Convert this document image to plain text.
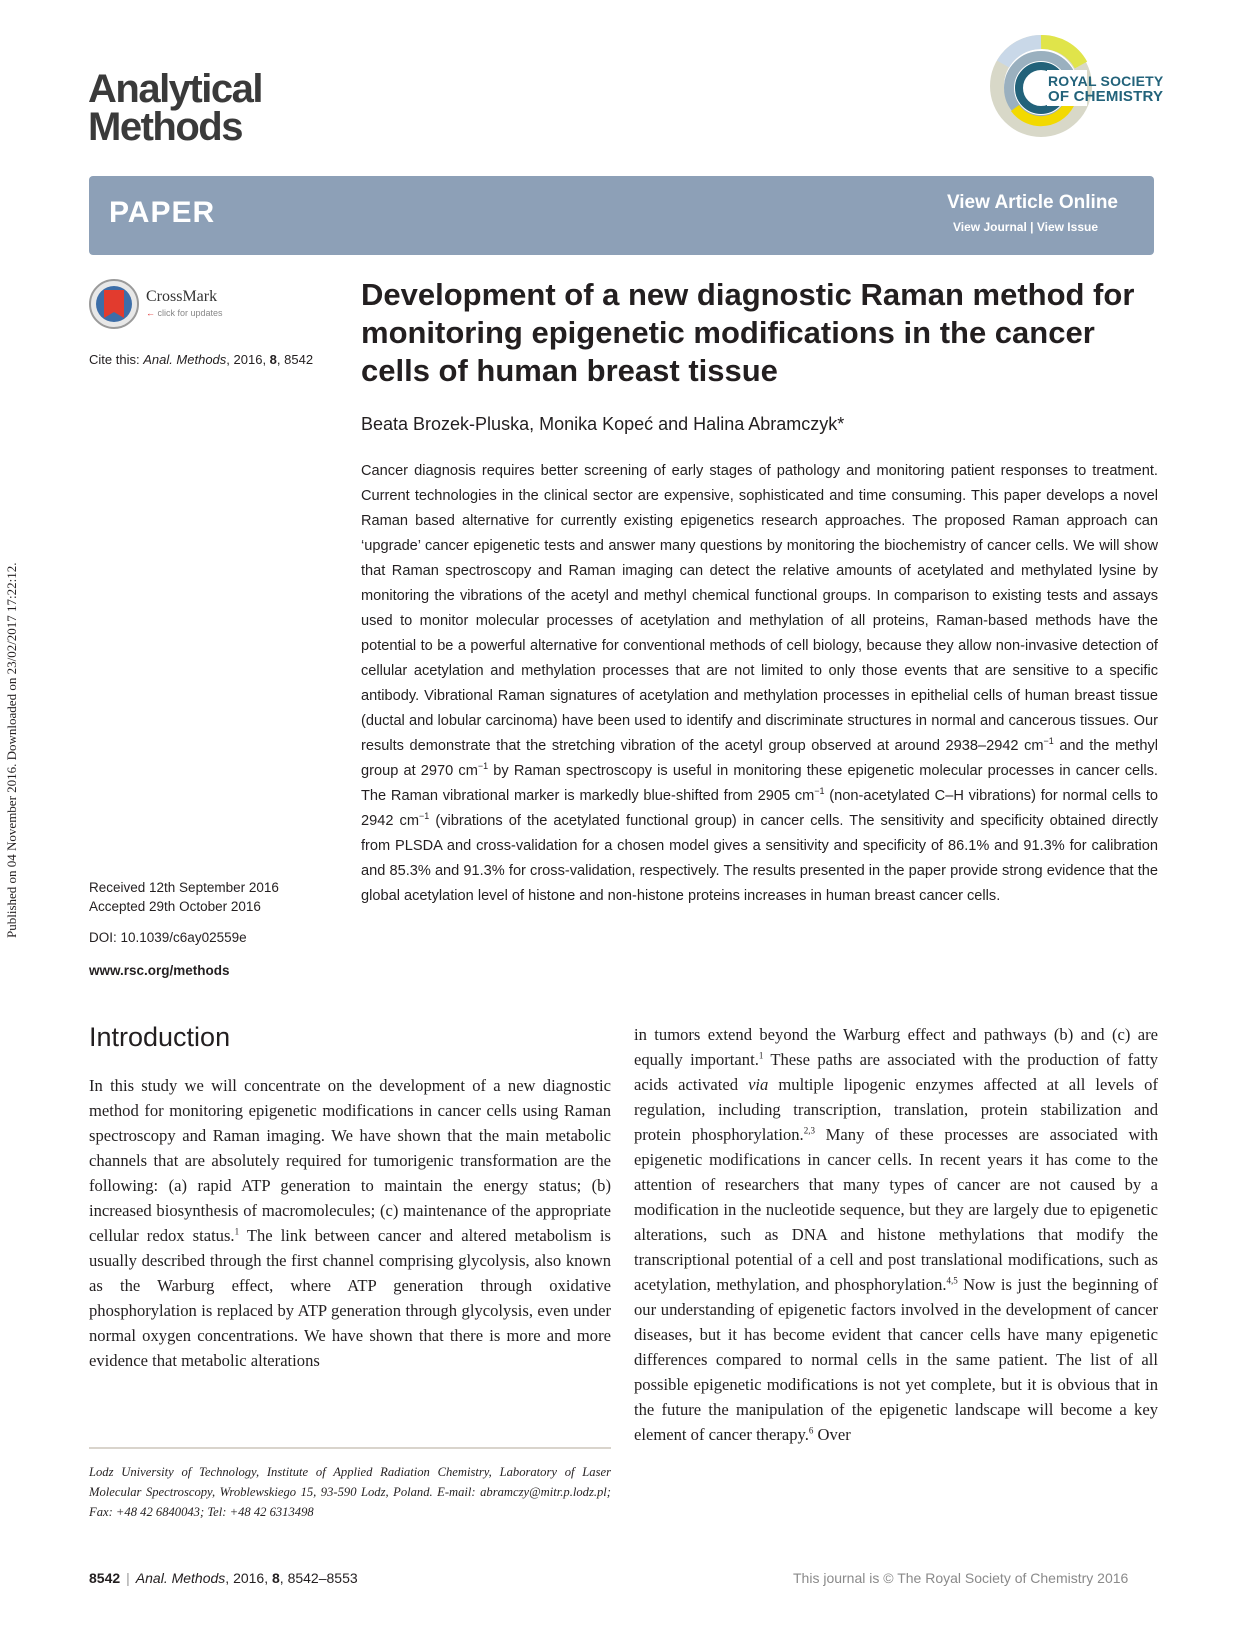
Analytical
Methods
ROYAL SOCIETY
OF CHEMISTRY
PAPER	View Article Online
View Journal | View Issue
CrossMark
← click for updates
Cite this: Anal. Methods, 2016, 8, 8542
Development of a new diagnostic Raman method for monitoring epigenetic modifications in the cancer cells of human breast tissue
Beata Brozek-Pluska, Monika Kopeć and Halina Abramczyk*
Cancer diagnosis requires better screening of early stages of pathology and monitoring patient responses to treatment. Current technologies in the clinical sector are expensive, sophisticated and time consuming. This paper develops a novel Raman based alternative for currently existing epigenetics research approaches. The proposed Raman approach can ‘upgrade’ cancer epigenetic tests and answer many questions by monitoring the biochemistry of cancer cells. We will show that Raman spectroscopy and Raman imaging can detect the relative amounts of acetylated and methylated lysine by monitoring the vibrations of the acetyl and methyl chemical functional groups. In comparison to existing tests and assays used to monitor molecular processes of acetylation and methylation of all proteins, Raman-based methods have the potential to be a powerful alternative for conventional methods of cell biology, because they allow non-invasive detection of cellular acetylation and methylation processes that are not limited to only those events that are sensitive to a specific antibody. Vibrational Raman signatures of acetylation and methylation processes in epithelial cells of human breast tissue (ductal and lobular carcinoma) have been used to identify and discriminate structures in normal and cancerous tissues. Our results demonstrate that the stretching vibration of the acetyl group observed at around 2938–2942 $cm^{-1}$ and the methyl group at 2970 $cm^{-1}$ by Raman spectroscopy is useful in monitoring these epigenetic molecular processes in cancer cells. The Raman vibrational marker is markedly blue-shifted from 2905 $cm^{-1}$ (non-acetylated C–H vibrations) for normal cells to 2942 $cm^{-1}$ (vibrations of the acetylated functional group) in cancer cells. The sensitivity and specificity obtained directly from PLSDA and cross-validation for a chosen model gives a sensitivity and specificity of 86.1% and 91.3% for calibration and 85.3% and 91.3% for cross-validation, respectively. The results presented in the paper provide strong evidence that the global acetylation level of histone and non-histone proteins increases in human breast cancer cells.
Received 12th September 2016
Accepted 29th October 2016
DOI: 10.1039/c6ay02559e
www.rsc.org/methods
Published on 04 November 2016. Downloaded on 23/02/2017 17:22:12.
Introduction
In this study we will concentrate on the development of a new diagnostic method for monitoring epigenetic modifications in cancer cells using Raman spectroscopy and Raman imaging. We have shown that the main metabolic channels that are absolutely required for tumorigenic transformation are the following: (a) rapid ATP generation to maintain the energy status; (b) increased biosynthesis of macromolecules; (c) maintenance of the appropriate cellular redox status.$^1$ The link between cancer and altered metabolism is usually described through the first channel comprising glycolysis, also known as the Warburg effect, where ATP generation through oxidative phosphorylation is replaced by ATP generation through glycolysis, even under normal oxygen concentrations. We have shown that there is more and more evidence that metabolic alterations
in tumors extend beyond the Warburg effect and pathways (b) and (c) are equally important.$^1$ These paths are associated with the production of fatty acids activated via multiple lipogenic enzymes affected at all levels of regulation, including transcription, translation, protein stabilization and protein phosphorylation.$^{2,3}$ Many of these processes are associated with epigenetic modifications in cancer cells. In recent years it has come to the attention of researchers that many types of cancer are not caused by a modification in the nucleotide sequence, but they are largely due to epigenetic alterations, such as DNA and histone methylations that modify the transcriptional potential of a cell and post translational modifications, such as acetylation, methylation, and phosphorylation.$^{4,5}$ Now is just the beginning of our understanding of epigenetic factors involved in the development of cancer diseases, but it has become evident that cancer cells have many epigenetic differences compared to normal cells in the same patient. The list of all possible epigenetic modifications is not yet complete, but it is obvious that in the future the manipulation of the epigenetic landscape will become a key element of cancer therapy.$^6$ Over
Lodz University of Technology, Institute of Applied Radiation Chemistry, Laboratory of Laser Molecular Spectroscopy, Wroblewskiego 15, 93-590 Lodz, Poland. E-mail: abramczy@mitr.p.lodz.pl; Fax: +48 42 6840043; Tel: +48 42 6313498
8542 | Anal. Methods, 2016, 8, 8542–8553	This journal is © The Royal Society of Chemistry 2016
